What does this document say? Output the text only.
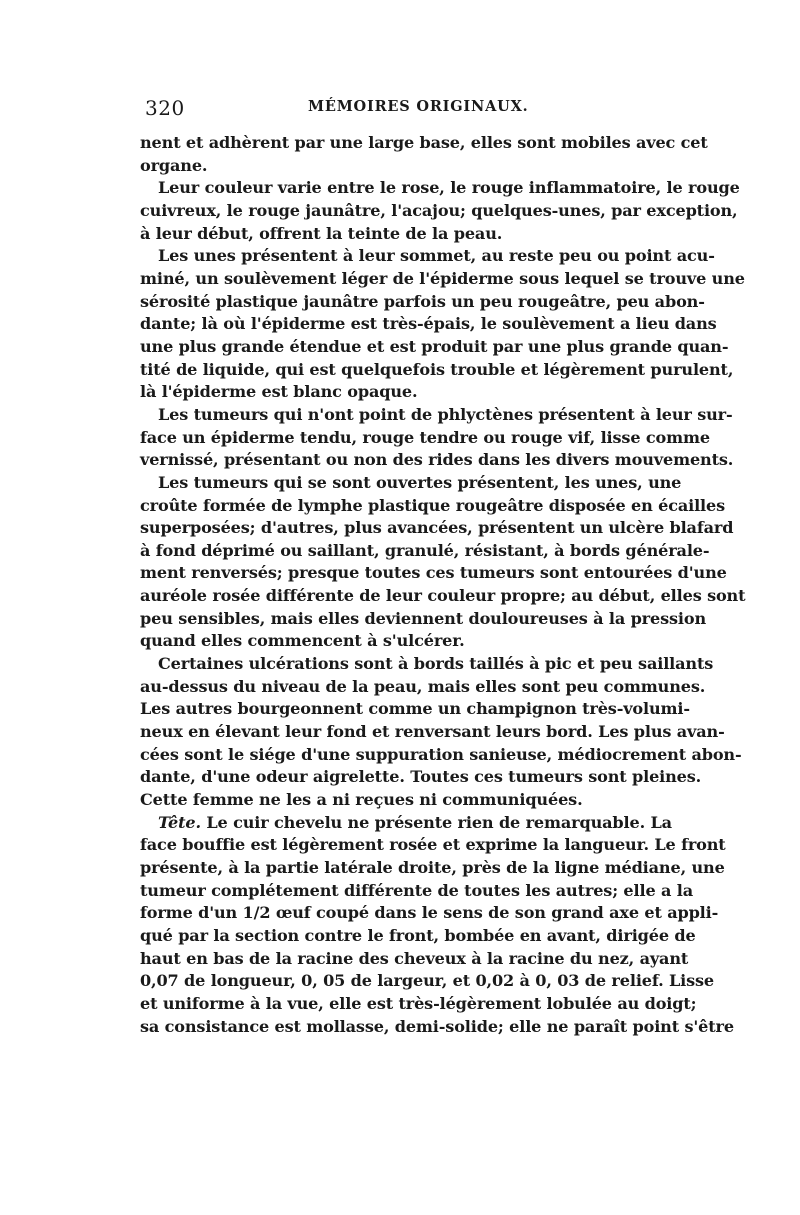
320	MÉMOIRES ORIGINAUX.
nent et adhèrent par une large base, elles sont mobiles avec cet
organe.
Leur couleur varie entre le rose, le rouge inflammatoire, le rouge
cuivreux, le rouge jaunâtre, l'acajou; quelques-unes, par exception,
à leur début, offrent la teinte de la peau.
Les unes présentent à leur sommet, au reste peu ou point acu-
miné, un soulèvement léger de l'épiderme sous lequel se trouve une
sérosité plastique jaunâtre parfois un peu rougeâtre, peu abon-
dante; là où l'épiderme est très-épais, le soulèvement a lieu dans
une plus grande étendue et est produit par une plus grande quan-
tité de liquide, qui est quelquefois trouble et légèrement purulent,
là l'épiderme est blanc opaque.
Les tumeurs qui n'ont point de phlyctènes présentent à leur sur-
face un épiderme tendu, rouge tendre ou rouge vif, lisse comme
vernissé, présentant ou non des rides dans les divers mouvements.
Les tumeurs qui se sont ouvertes présentent, les unes, une
croûte formée de lymphe plastique rougeâtre disposée en écailles
superposées; d'autres, plus avancées, présentent un ulcère blafard
à fond déprimé ou saillant, granulé, résistant, à bords générale-
ment renversés; presque toutes ces tumeurs sont entourées d'une
auréole rosée différente de leur couleur propre; au début, elles sont
peu sensibles, mais elles deviennent douloureuses à la pression
quand elles commencent à s'ulcérer.
Certaines ulcérations sont à bords taillés à pic et peu saillants
au-dessus du niveau de la peau, mais elles sont peu communes.
Les autres bourgeonnent comme un champignon très-volumi-
neux en élevant leur fond et renversant leurs bord. Les plus avan-
cées sont le siége d'une suppuration sanieuse, médiocrement abon-
dante, d'une odeur aigrelette. Toutes ces tumeurs sont pleines.
Cette femme ne les a ni reçues ni communiquées.
Tête. Le cuir chevelu ne présente rien de remarquable. La
face bouffie est légèrement rosée et exprime la langueur. Le front
présente, à la partie latérale droite, près de la ligne médiane, une
tumeur complétement différente de toutes les autres; elle a la
forme d'un 1/2 œuf coupé dans le sens de son grand axe et appli-
qué par la section contre le front, bombée en avant, dirigée de
haut en bas de la racine des cheveux à la racine du nez, ayant
0,07 de longueur, 0, 05 de largeur, et 0,02 à 0, 03 de relief. Lisse
et uniforme à la vue, elle est très-légèrement lobulée au doigt;
sa consistance est mollasse, demi-solide; elle ne paraît point s'être
